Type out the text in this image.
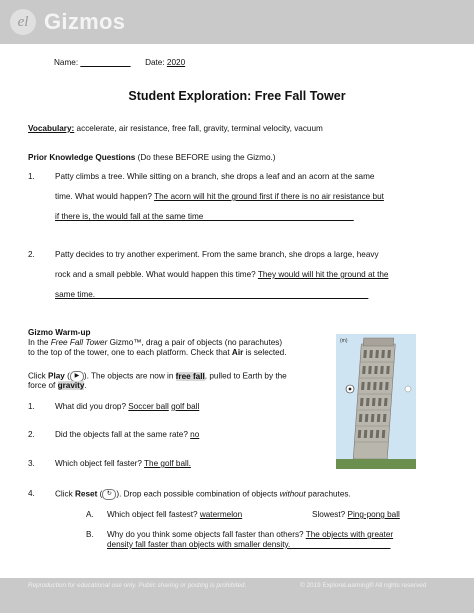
el Gizmos
Name: ___________ Date: 2020
Student Exploration: Free Fall Tower
Vocabulary: accelerate, air resistance, free fall, gravity, terminal velocity, vacuum
Prior Knowledge Questions (Do these BEFORE using the Gizmo.)
1. Patty climbs a tree. While sitting on a branch, she drops a leaf and an acorn at the same
time. What would happen? The acorn will hit the ground first if there is no air resistance but
if there is, the would fall at the same time_________________________________
2. Patty decides to try another experiment. From the same branch, she drops a large, heavy
rock and a small pebble. What would happen this time? They would will hit the ground at the
same time.____________________________________________________________
Gizmo Warm-up
In the Free Fall Tower Gizmo™, drag a pair of objects (no parachutes)
to the top of the tower, one to each platform. Check that Air is selected.
Click Play ( ▶ ). The objects are now in free fall, pulled to Earth by the
force of gravity.
1. What did you drop? Soccer ball golf ball
2. Did the objects fall at the same rate? no
3. Which object fell faster? The golf ball.
4. Click Reset ( ↻ ). Drop each possible combination of objects without parachutes.
A. Which object fell fastest? watermelon	Slowest? Ping-pong ball
B. Why do you think some objects fall faster than others? The objects with greater
density fall faster than objects with smaller density.______________________
(m)
Reproduction for educational use only. Public sharing or posting is prohibited.	© 2019 ExploreLearning® All rights reserved
